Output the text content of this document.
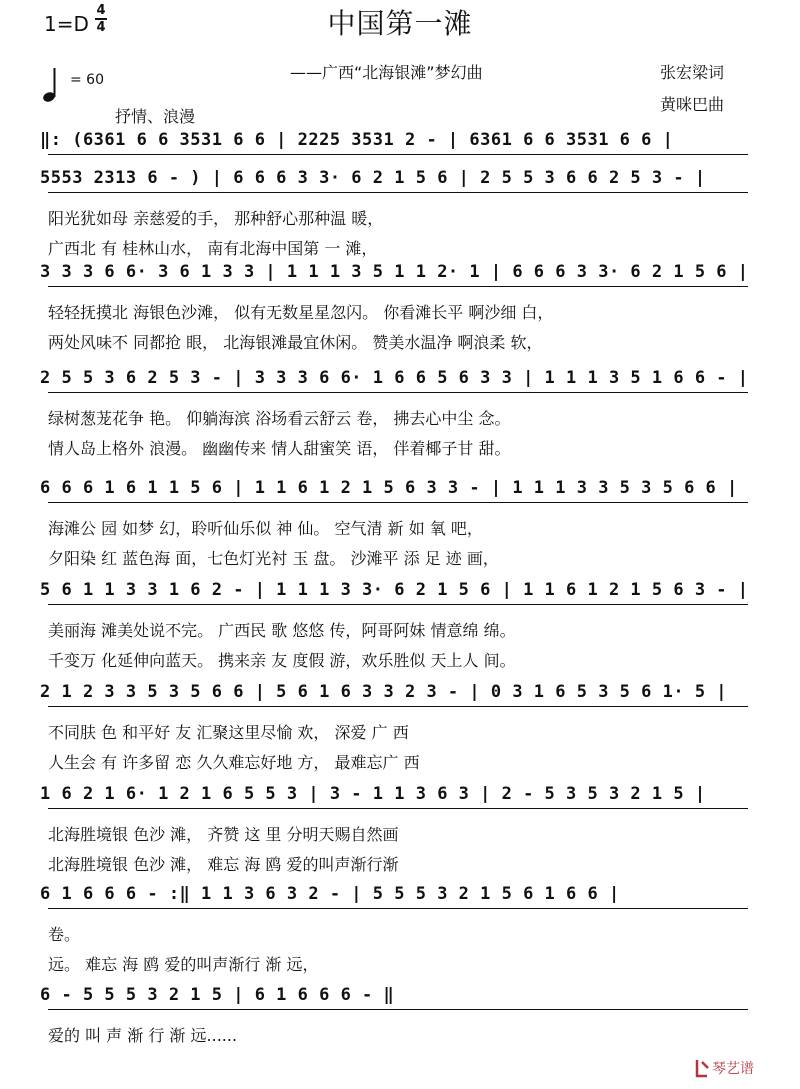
中国第一滩
1=D
4
4
——广西“北海银滩”梦幻曲	张宏梁词
黄咪巴曲
= 60
抒情、浪漫
‖: (6361 6 6 3531 6 6 | 2225 3531 2 - | 6361 6 6 3531 6 6 |
5553 2313 6 - ) | 6 6 6 3 3· 6 2 1 5 6 | 2 5 5 3 6 6 2 5 3 - |
阳光犹如母 亲慈爱的手， 那种舒心那种温 暖，
广西北 有 桂林山水， 南有北海中国第 一 滩，
3 3 3 6 6· 3 6 1 3 3 | 1 1 1 3 5 1 1 2· 1 | 6 6 6 3 3· 6 2 1 5 6 |
轻轻抚摸北 海银色沙滩， 似有无数星星忽闪。 你看滩长平 啊沙细 白，
两处风味不 同都抢 眼， 北海银滩最宜休闲。 赞美水温净 啊浪柔 软，
2 5 5 3 6 2 5 3 - | 3 3 3 6 6· 1 6 6 5 6 3 3 | 1 1 1 3 5 1 6 6 - |
绿树葱茏花争 艳。 仰躺海滨 浴场看云舒云 卷， 拂去心中尘 念。
情人岛上格外 浪漫。 幽幽传来 情人甜蜜笑 语， 伴着椰子甘 甜。
6 6 6 1 6 1 1 5 6 | 1 1 6 1 2 1 5 6 3 3 - | 1 1 1 3 3 5 3 5 6 6 |
海滩公 园 如梦 幻，聆听仙乐似 神 仙。 空气清 新 如 氧 吧，
夕阳染 红 蓝色海 面，七色灯光衬 玉 盘。 沙滩平 添 足 迹 画，
5 6 1 1 3 3 1 6 2 - | 1 1 1 3 3· 6 2 1 5 6 | 1 1 6 1 2 1 5 6 3 - |
美丽海 滩美处说不完。 广西民 歌 悠悠 传，阿哥阿妹 情意绵 绵。
千变万 化延伸向蓝天。 携来亲 友 度假 游，欢乐胜似 天上人 间。
2 1 2 3 3 5 3 5 6 6 | 5 6 1 6 3 3 2 3 - | 0 3 1 6 5 3 5 6 1· 5 |
不同肤 色 和平好 友 汇聚这里尽愉 欢， 深爱 广 西
人生会 有 许多留 恋 久久难忘好地 方， 最难忘广 西
1 6 2 1 6· 1 2 1 6 5 5 3 | 3 - 1 1 3 6 3 | 2 - 5 3 5 3 2 1 5 |
北海胜境银 色沙 滩， 齐赞 这 里 分明天赐自然画
北海胜境银 色沙 滩， 难忘 海 鸥 爱的叫声渐行渐
6 1 6 6 6 - :‖ 1 1 3 6 3 2 - | 5 5 5 3 2 1 5 6 1 6 6 |
卷。
远。 难忘 海 鸥 爱的叫声渐行 渐 远，
6 - 5 5 5 3 2 1 5 | 6 1 6 6 6 - ‖
爱的 叫 声 渐 行 渐 远......
琴艺谱
